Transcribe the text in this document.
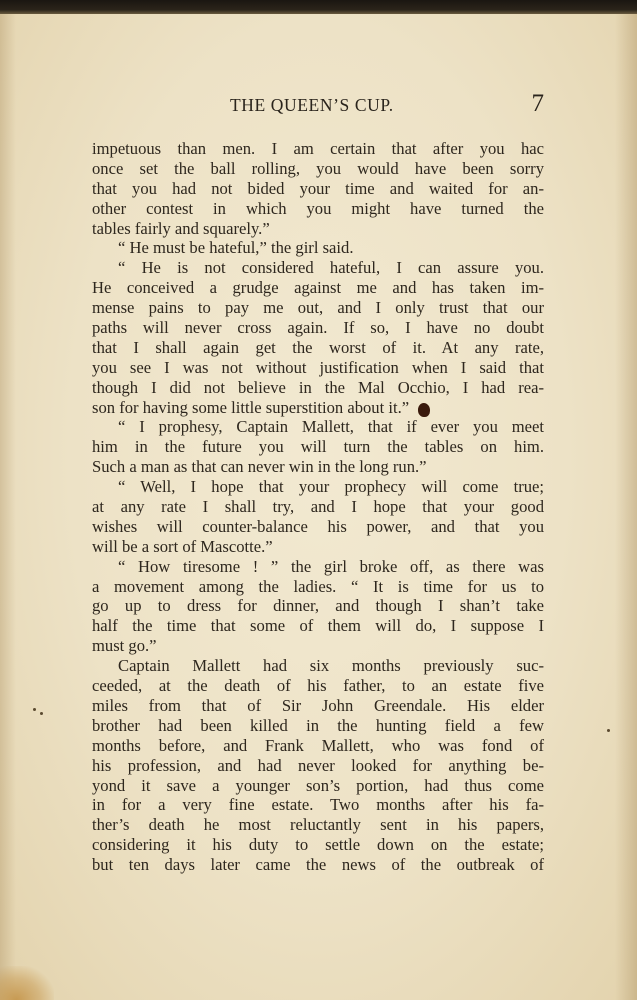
THE QUEEN’S CUP.	7
impetuous than men. I am certain that after you hac
once set the ball rolling, you would have been sorry
that you had not bided your time and waited for an-
other contest in which you might have turned the
tables fairly and squarely.”
“ He must be hateful,” the girl said.
“ He is not considered hateful, I can assure you.
He conceived a grudge against me and has taken im-
mense pains to pay me out, and I only trust that our
paths will never cross again. If so, I have no doubt
that I shall again get the worst of it. At any rate,
you see I was not without justification when I said that
though I did not believe in the Mal Occhio, I had rea-
son for having some little superstition about it.”
“ I prophesy, Captain Mallett, that if ever you meet
him in the future you will turn the tables on him.
Such a man as that can never win in the long run.”
“ Well, I hope that your prophecy will come true;
at any rate I shall try, and I hope that your good
wishes will counter-balance his power, and that you
will be a sort of Mascotte.”
“ How tiresome ! ” the girl broke off, as there was
a movement among the ladies. “ It is time for us to
go up to dress for dinner, and though I shan’t take
half the time that some of them will do, I suppose I
must go.”
Captain Mallett had six months previously suc-
ceeded, at the death of his father, to an estate five
miles from that of Sir John Greendale. His elder
brother had been killed in the hunting field a few
months before, and Frank Mallett, who was fond of
his profession, and had never looked for anything be-
yond it save a younger son’s portion, had thus come
in for a very fine estate. Two months after his fa-
ther’s death he most reluctantly sent in his papers,
considering it his duty to settle down on the estate;
but ten days later came the news of the outbreak of
